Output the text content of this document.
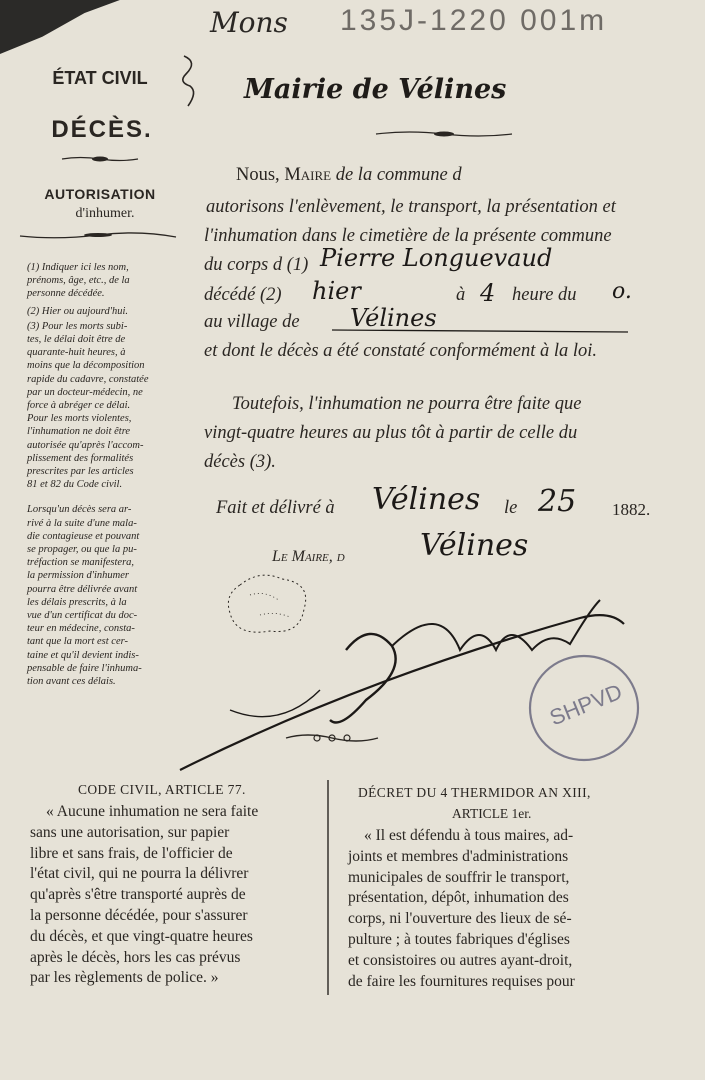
Mons 135J-1220 001m
ÉTAT CIVIL
DÉCÈS.
AUTORISATION
d'inhumer.
(1) Indiquer ici les nom,
prénoms, âge, etc., de la
personne décédée.
(2) Hier ou aujourd'hui.
(3) Pour les morts subi-
tes, le délai doit être de
quarante-huit heures, à
moins que la décomposition
rapide du cadavre, constatée
par un docteur-médecin, ne
force à abréger ce délai.
Pour les morts violentes,
l'inhumation ne doit être
autorisée qu'après l'accom-
plissement des formalités
prescrites par les articles
81 et 82 du Code civil.
Lorsqu'un décès sera ar-
rivé à la suite d'une mala-
die contagieuse et pouvant
se propager, ou que la pu-
tréfaction se manifestera,
la permission d'inhumer
pourra être délivrée avant
les délais prescrits, à la
vue d'un certificat du doc-
teur en médecine, constа-
tant que la mort est cer-
taine et qu'il devient indis-
pensable de faire l'inhuma-
tion avant ces délais.
Mairie de Vélines
Nous, Maire de la commune d
autorisons l'enlèvement, le transport, la présentation et
l'inhumation dans le cimetière de la présente commune
du corps d (1) Pierre Longuevaud
décédé (2) hier	à 4 heure du o.
au village de Vélines
et dont le décès a été constaté conformément à la loi.
Toutefois, l'inhumation ne pourra être faite que
vingt-quatre heures au plus tôt à partir de celle du
décès (3).
Fait et délivré à Vélines le 25 1882.
Le Maire, d	Vélines
SHPVD
CODE CIVIL, ARTICLE 77.
« Aucune inhumation ne sera faite
sans une autorisation, sur papier
libre et sans frais, de l'officier de
l'état civil, qui ne pourra la délivrer
qu'après s'être transporté auprès de
la personne décédée, pour s'assurer
du décès, et que vingt-quatre heures
après le décès, hors les cas prévus
par les règlements de police. »
DÉCRET DU 4 THERMIDOR AN XIII,
ARTICLE 1er.
« Il est défendu à tous maires, ad-
joints et membres d'administrations
municipales de souffrir le transport,
présentation, dépôt, inhumation des
corps, ni l'ouverture des lieux de sé-
pulture ; à toutes fabriques d'églises
et consistoires ou autres ayant-droit,
de faire les fournitures requises pour
